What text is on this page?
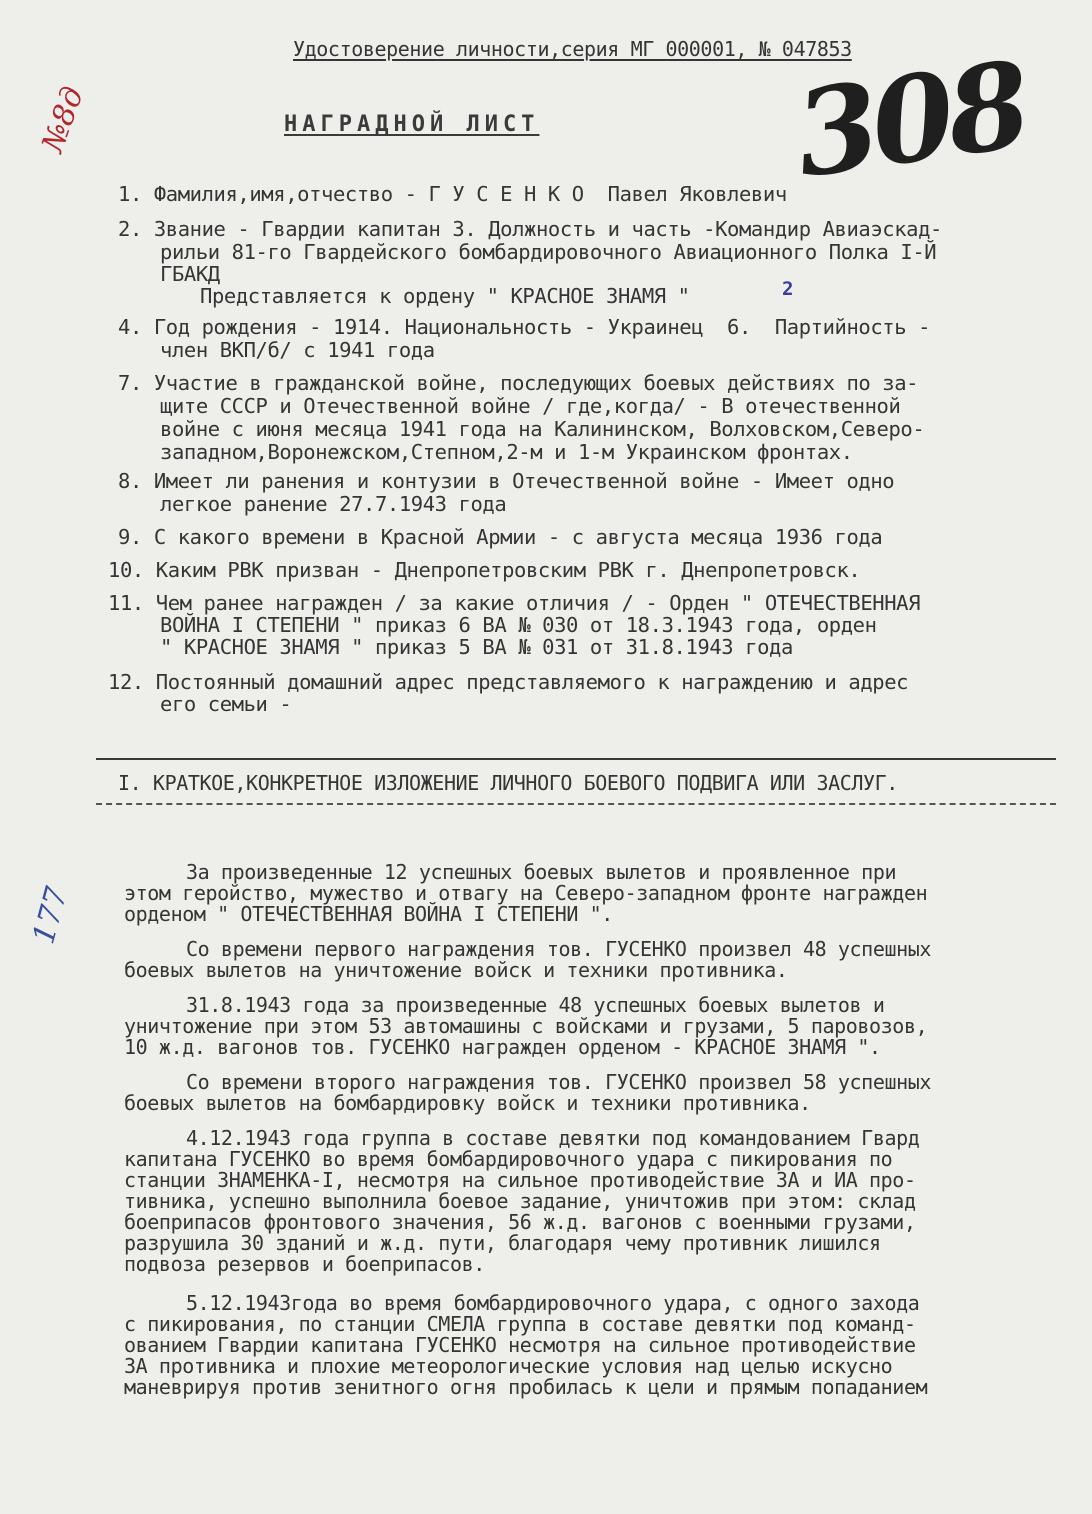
Удостоверение личности,серия МГ 000001, № 047853
НАГРАДНОЙ ЛИСТ 308
№8д
177
1. Фамилия,имя,отчество - Г У С Е Н К О  Павел Яковлевич
2. Звание - Гвардии капитан 3. Должность и часть -Командир Авиаэскад-
рильи 81-го Гвардейского бомбардировочного Авиационного Полка I-Й
ГБАКД
Представляется к ордену " КРАСНОЕ ЗНАМЯ "	2
4. Год рождения - 1914. Национальность - Украинец  6.  Партийность -
член ВКП/б/ с 1941 года
7. Участие в гражданской войне, последующих боевых действиях по за-
щите СССР и Отечественной войне / где,когда/ - В отечественной
войне с июня месяца 1941 года на Калининском, Волховском,Северо-
западном,Воронежском,Степном,2-м и 1-м Украинском фронтах.
8. Имеет ли ранения и контузии в Отечественной войне - Имеет одно
легкое ранение 27.7.1943 года
9. С какого времени в Красной Армии - с августа месяца 1936 года
10. Каким РВК призван - Днепропетровским РВК г. Днепропетровск.
11. Чем ранее награжден / за какие отличия / - Орден " ОТЕЧЕСТВЕННАЯ
ВОЙНА I СТЕПЕНИ " приказ 6 ВА № 030 от 18.3.1943 года, орден
" КРАСНОЕ ЗНАМЯ " приказ 5 ВА № 031 от 31.8.1943 года
12. Постоянный домашний адрес представляемого к награждению и адрес
его семьи -
I. КРАТКОЕ,КОНКРЕТНОЕ ИЗЛОЖЕНИЕ ЛИЧНОГО БОЕВОГО ПОДВИГА ИЛИ ЗАСЛУГ.
За произведенные 12 успешных боевых вылетов и проявленное при
этом геройство, мужество и отвагу на Северо-западном фронте награжден
орденом " ОТЕЧЕСТВЕННАЯ ВОЙНА I СТЕПЕНИ ".
Со времени первого награждения тов. ГУСЕНКО произвел 48 успешных
боевых вылетов на уничтожение войск и техники противника.
31.8.1943 года за произведенные 48 успешных боевых вылетов и
уничтожение при этом 53 автомашины с войсками и грузами, 5 паровозов,
10 ж.д. вагонов тов. ГУСЕНКО награжден орденом - КРАСНОЕ ЗНАМЯ ".
Со времени второго награждения тов. ГУСЕНКО произвел 58 успешных
боевых вылетов на бомбардировку войск и техники противника.
4.12.1943 года группа в составе девятки под командованием Гвард
капитана ГУСЕНКО во время бомбардировочного удара с пикирования по
станции ЗНАМЕНКА-I, несмотря на сильное противодействие ЗА и ИА про-
тивника, успешно выполнила боевое задание, уничтожив при этом: склад
боеприпасов фронтового значения, 56 ж.д. вагонов с военными грузами,
разрушила 30 зданий и ж.д. пути, благодаря чему противник лишился
подвоза резервов и боеприпасов.
5.12.1943года во время бомбардировочного удара, с одного захода
с пикирования, по станции СМЕЛА группа в составе девятки под команд-
ованием Гвардии капитана ГУСЕНКО несмотря на сильное противодействие
ЗА противника и плохие метеорологические условия над целью искусно
маневрируя против зенитного огня пробилась к цели и прямым попаданием
